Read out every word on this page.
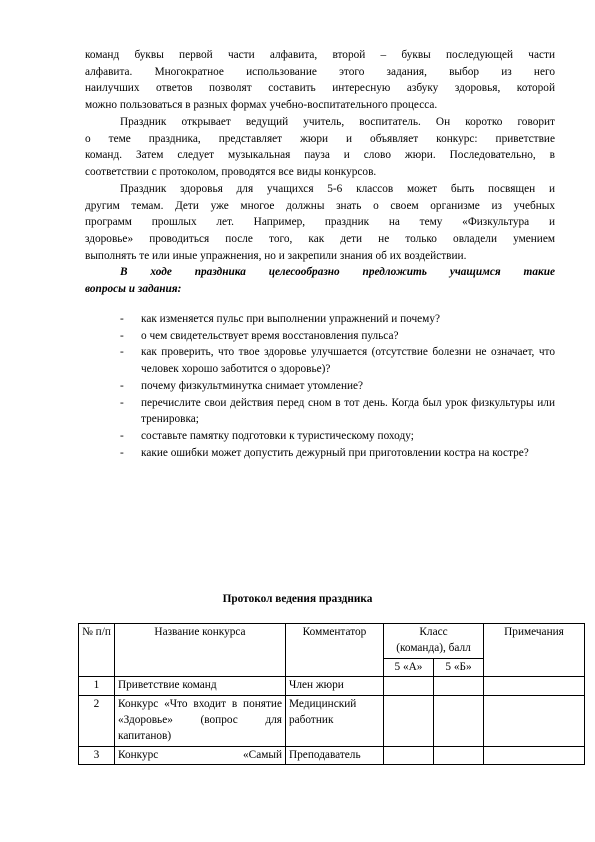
команд буквы первой части алфавита, второй – буквы последующей части
алфавита. Многократное использование этого задания, выбор из него
наилучших ответов позволят составить интересную азбуку здоровья, которой
можно пользоваться в разных формах учебно-воспитательного процесса.
Праздник открывает ведущий учитель, воспитатель. Он коротко говорит
о теме праздника, представляет жюри и объявляет конкурс: приветствие
команд. Затем следует музыкальная пауза и слово жюри. Последовательно, в
соответствии с протоколом, проводятся все виды конкурсов.
Праздник здоровья для учащихся 5-6 классов может быть посвящен и
другим темам. Дети уже многое должны знать о своем организме из учебных
программ прошлых лет. Например, праздник на тему «Физкультура и
здоровье» проводиться после того, как дети не только овладели умением
выполнять те или иные упражнения, но и закрепили знания об их воздействии.
В ходе праздника целесообразно предложить учащимся такие
вопросы и задания:
- как изменяется пульс при выполнении упражнений и почему?
- о чем свидетельствует время восстановления пульса?
- как проверить, что твое здоровье улучшается (отсутствие болезни не означает, что человек хорошо заботится о здоровье)?
- почему физкультминутка снимает утомление?
- перечислите свои действия перед сном в тот день. Когда был урок физкультуры или тренировка;
- составьте памятку подготовки к туристическому походу;
- какие ошибки может допустить дежурный при приготовлении костра на костре?
Протокол ведения праздника
№ п/п	Название конкурса	Комментатор	Класс (команда), балл		Примечания
			5 «А»	5 «Б»	
1	Приветствие команд	Член жюри			
2	Конкурс «Что входит в понятие «Здоровье» (вопрос для капитанов)	Медицинский работник			
3	Конкурс «Самый	Преподаватель			
